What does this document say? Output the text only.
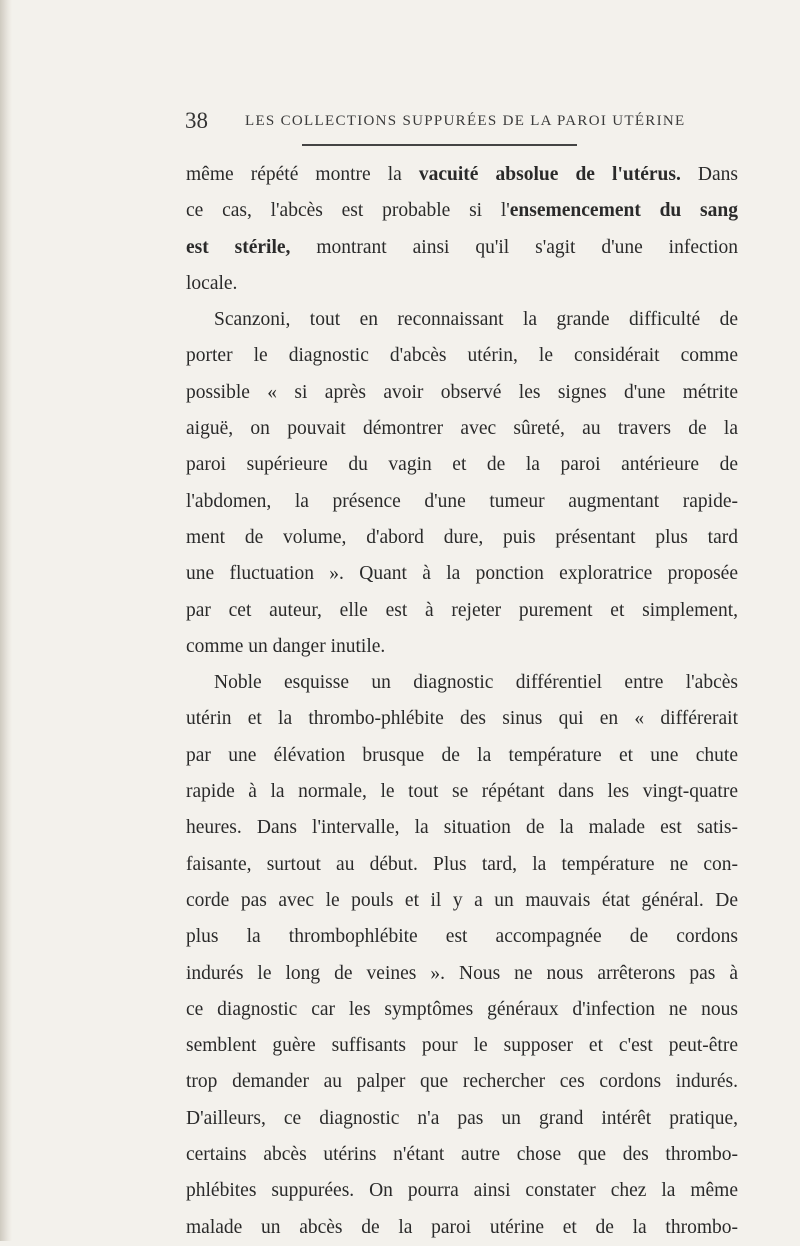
38 LES COLLECTIONS SUPPURÉES DE LA PAROI UTÉRINE

même répété montre la vacuité absolue de l'utérus. Dans

ce cas, l'abcès est probable si l'ensemencement du sang

est stérile, montrant ainsi qu'il s'agit d'une infection

locale.

Scanzoni, tout en reconnaissant la grande difficulté de

porter le diagnostic d'abcès utérin, le considérait comme

possible « si après avoir observé les signes d'une métrite

aiguë, on pouvait démontrer avec sûreté, au travers de la

paroi supérieure du vagin et de la paroi antérieure de

l'abdomen, la présence d'une tumeur augmentant rapide-

ment de volume, d'abord dure, puis présentant plus tard

une fluctuation ». Quant à la ponction exploratrice proposée

par cet auteur, elle est à rejeter purement et simplement,

comme un danger inutile.

Noble esquisse un diagnostic différentiel entre l'abcès

utérin et la thrombo-phlébite des sinus qui en « différerait

par une élévation brusque de la température et une chute

rapide à la normale, le tout se répétant dans les vingt-quatre

heures. Dans l'intervalle, la situation de la malade est satis-

faisante, surtout au début. Plus tard, la température ne con-

corde pas avec le pouls et il y a un mauvais état général. De

plus la thrombophlébite est accompagnée de cordons

indurés le long de veines ». Nous ne nous arrêterons pas à

ce diagnostic car les symptômes généraux d'infection ne nous

semblent guère suffisants pour le supposer et c'est peut-être

trop demander au palper que rechercher ces cordons indurés.

D'ailleurs, ce diagnostic n'a pas un grand intérêt pratique,

certains abcès utérins n'étant autre chose que des thrombo-

phlébites suppurées. On pourra ainsi constater chez la même

malade un abcès de la paroi utérine et de la thrombo-
